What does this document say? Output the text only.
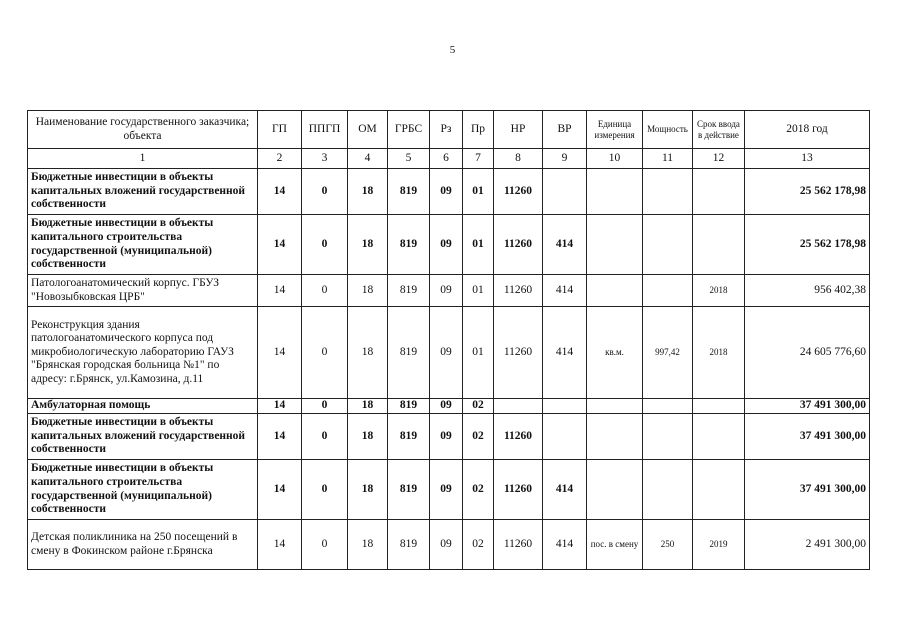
5
Наименование государственного заказчика; объекта	ГП	ППГП	ОМ	ГРБС	Рз	Пр	НР	ВР	Единица измерения	Мощность	Срок ввода в действие	2018 год
1	2	3	4	5	6	7	8	9	10	11	12	13
Бюджетные инвестиции в объекты капитальных вложений государственной собственности	14	0	18	819	09	01	11260					25 562 178,98
Бюджетные инвестиции в объекты капитального строительства государственной (муниципальной) собственности	14	0	18	819	09	01	11260	414				25 562 178,98
Патологоанатомический корпус. ГБУЗ "Новозыбковская ЦРБ"	14	0	18	819	09	01	11260	414			2018	956 402,38
Реконструкция здания патологоанатомического корпуса под микробиологическую лабораторию ГАУЗ "Брянская городская больница №1" по адресу: г.Брянск, ул.Камозина, д.11	14	0	18	819	09	01	11260	414	кв.м.	997,42	2018	24 605 776,60
Амбулаторная помощь	14	0	18	819	09	02						37 491 300,00
Бюджетные инвестиции в объекты капитальных вложений государственной собственности	14	0	18	819	09	02	11260					37 491 300,00
Бюджетные инвестиции в объекты капитального строительства государственной (муниципальной) собственности	14	0	18	819	09	02	11260	414				37 491 300,00
Детская поликлиника на 250 посещений в смену в Фокинском районе г.Брянска	14	0	18	819	09	02	11260	414	пос. в смену	250	2019	2 491 300,00
